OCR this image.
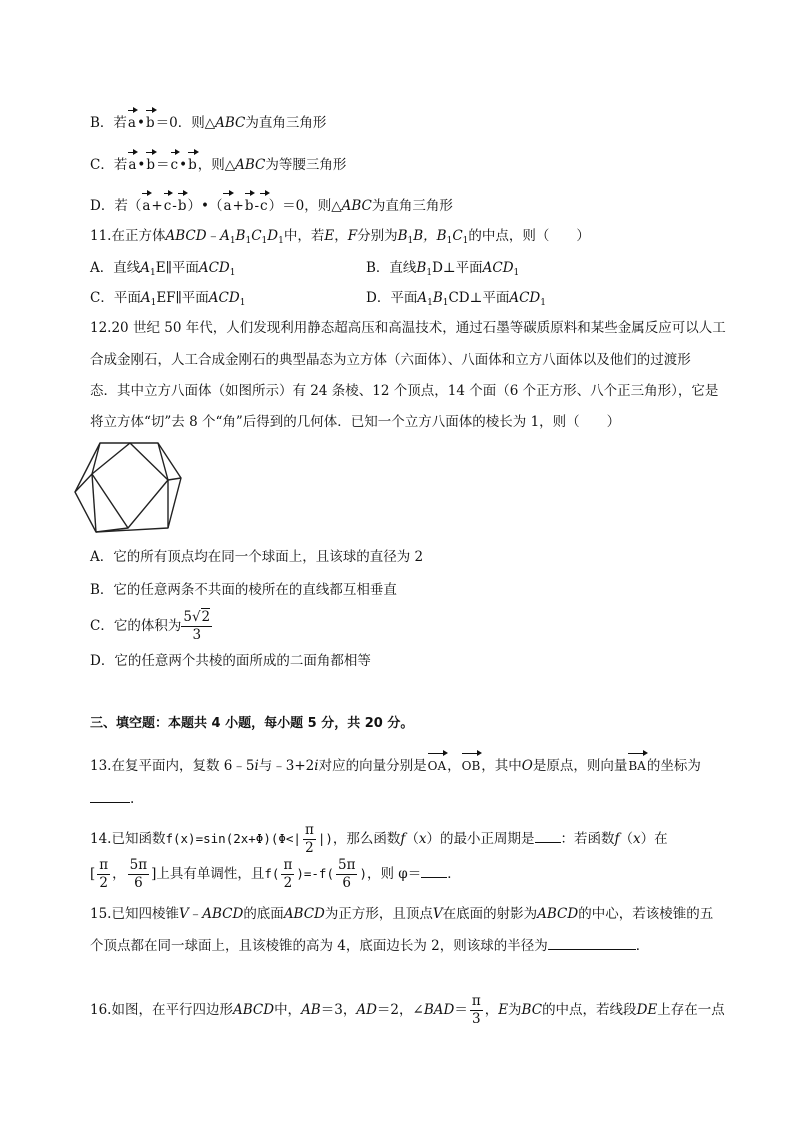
B．若a•b＝0．则△ABC为直角三角形
C．若a•b＝c•b，则△ABC为等腰三角形
D．若（a+c-b）•（a+b-c）＝0，则△ABC为直角三角形
11.在正方体$ABCD﹣A_1B_1C_1D_1$中，若E，F分别为$B_1B$，$B_1C_1$的中点，则（　　）
A．直线$A_1E\parallel$平面$ACD_1$	B．直线$B_1D\perp$平面$ACD_1$
C．平面$A_1EF\parallel$平面$ACD_1$	D．平面$A_1B_1CD\perp$平面$ACD_1$
12.20 世纪 50 年代，人们发现利用静态超高压和高温技术，通过石墨等碳质原料和某些金属反应可以人工
合成金刚石，人工合成金刚石的典型晶态为立方体（六面体）、八面体和立方八面体以及他们的过渡形
态．其中立方八面体（如图所示）有 24 条棱、12 个顶点，14 个面（6 个正方形、八个正三角形），它是
将立方体“切”去 8 个“角”后得到的几何体．已知一个立方八面体的棱长为 1，则（　　）
A．它的所有顶点均在同一个球面上，且该球的直径为 2
B．它的任意两条不共面的棱所在的直线都互相垂直
C．它的体积为 $\frac{5√2}{3}$
D．它的任意两个共棱的面所成的二面角都相等
三、填空题：本题共 4 小题，每小题 5 分，共 20 分。
13.在复平面内，复数 6﹣5i与﹣3+2i对应的向量分别是OA，OB，其中O是原点，则向量BA的坐标为
.
14.已知函数$f(x)=\sin(2x+\Phi)(\Phi<| \frac{\pi}{2}$ |)，那么函数f（x）的最小正周期是 ：若函数f（x）在
[ $\frac{\pi}{2}$ ， $\frac{5\pi}{6}$ ]上具有单调性，且$f( \frac{\pi}{2} )=-f( \frac{5\pi}{6}$ )，则 φ＝ ．
15.已知四棱锥V﹣ABCD的底面ABCD为正方形，且顶点V在底面的射影为ABCD的中心，若该棱锥的五
个顶点都在同一球面上，且该棱锥的高为 4，底面边长为 2，则该球的半径为	．
16.如图，在平行四边形ABCD中，AB＝3，AD＝2，∠BAD＝ $\frac{\pi}{3}$ ，E为BC的中点，若线段DE上存在一点
